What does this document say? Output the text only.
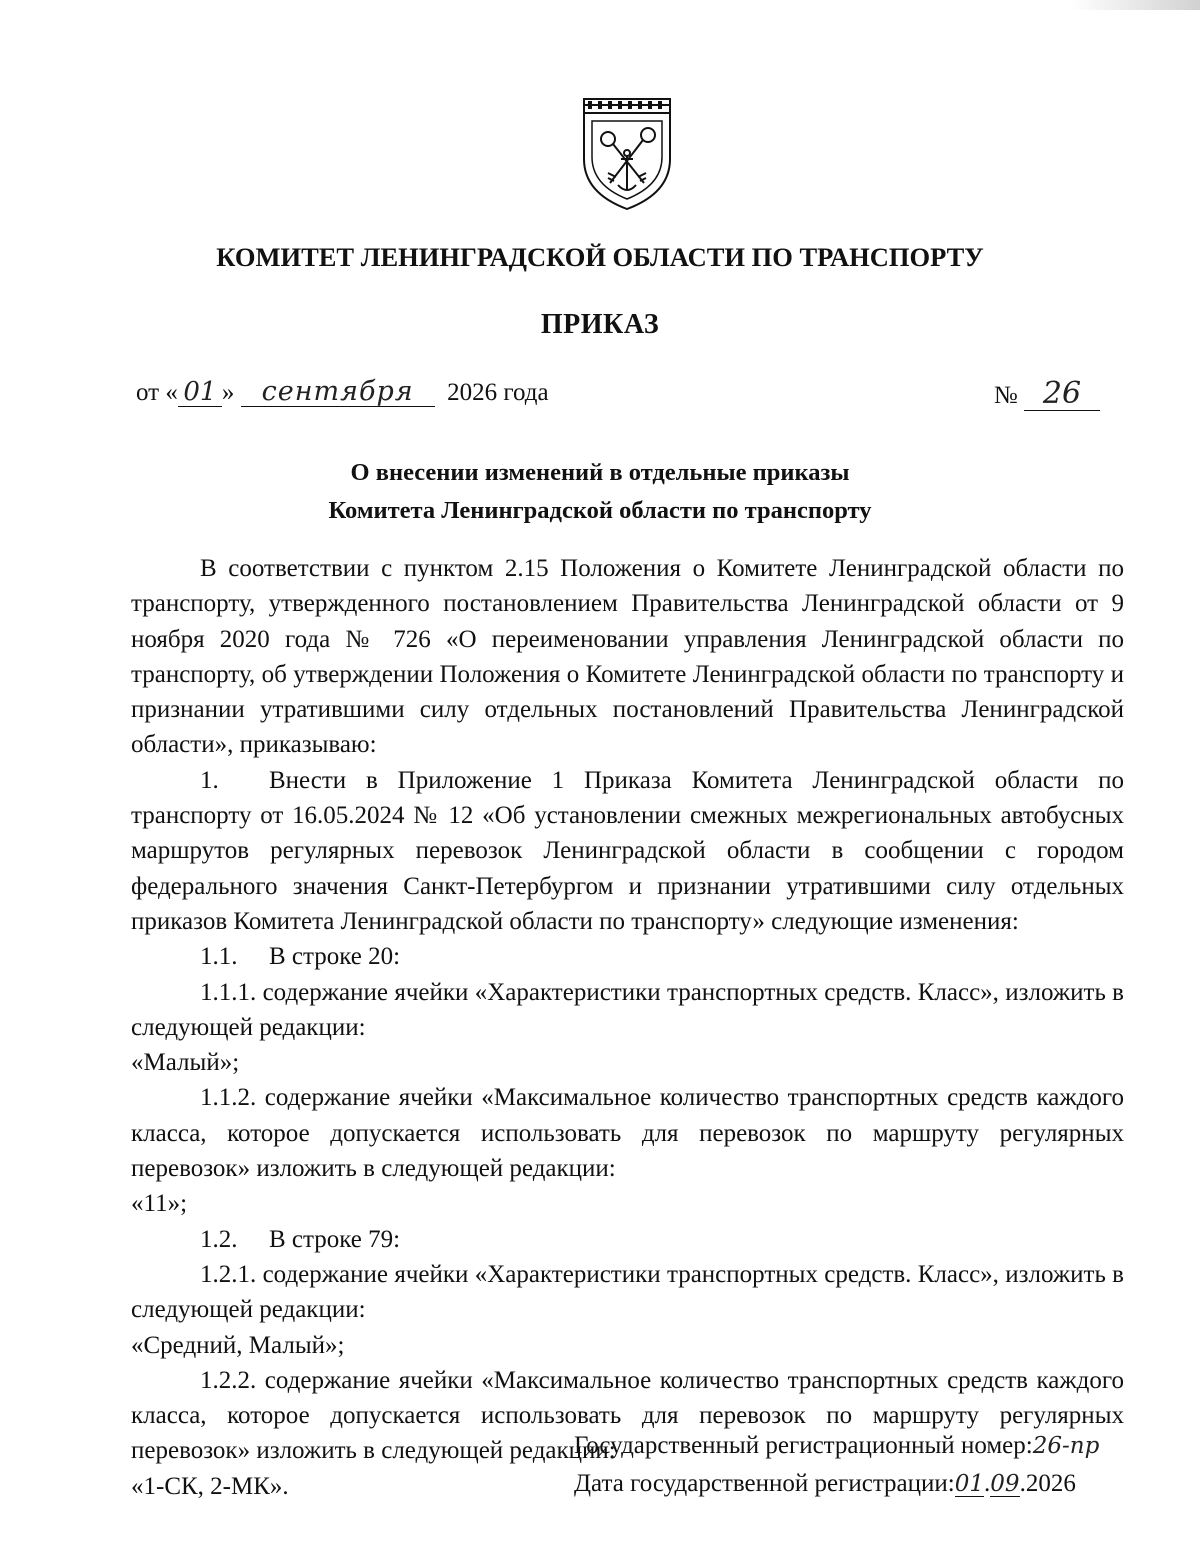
КОМИТЕТ ЛЕНИНГРАДСКОЙ ОБЛАСТИ ПО ТРАНСПОРТУ
ПРИКАЗ
от « 01 » сентября 2026 года	№ 26
О внесении изменений в отдельные приказы
Комитета Ленинградской области по транспорту

В соответствии с пунктом 2.15 Положения о Комитете Ленинградской области по транспорту, утвержденного постановлением Правительства Ленинградской области от 9 ноября 2020 года № 726 «О переименовании управления Ленинградской области по транспорту, об утверждении Положения о Комитете Ленинградской области по транспорту и признании утратившими силу отдельных постановлений Правительства Ленинградской области», приказываю:

1. Внести в Приложение 1 Приказа Комитета Ленинградской области по транспорту от 16.05.2024 № 12 «Об установлении смежных межрегиональных автобусных маршрутов регулярных перевозок Ленинградской области в сообщении с городом федерального значения Санкт-Петербургом и признании утратившими силу отдельных приказов Комитета Ленинградской области по транспорту» следующие изменения:

1.1. В строке 20:

1.1.1. содержание ячейки «Характеристики транспортных средств. Класс», изложить в следующей редакции:

«Малый»;

1.1.2. содержание ячейки «Максимальное количество транспортных средств каждого класса, которое допускается использовать для перевозок по маршруту регулярных перевозок» изложить в следующей редакции:

«11»;

1.2. В строке 79:

1.2.1. содержание ячейки «Характеристики транспортных средств. Класс», изложить в следующей редакции:

«Средний, Малый»;

1.2.2. содержание ячейки «Максимальное количество транспортных средств каждого класса, которое допускается использовать для перевозок по маршруту регулярных перевозок» изложить в следующей редакции:

«1-СК, 2-МК».

Государственный регистрационный номер:26-пр
Дата государственной регистрации:01.09.2026
